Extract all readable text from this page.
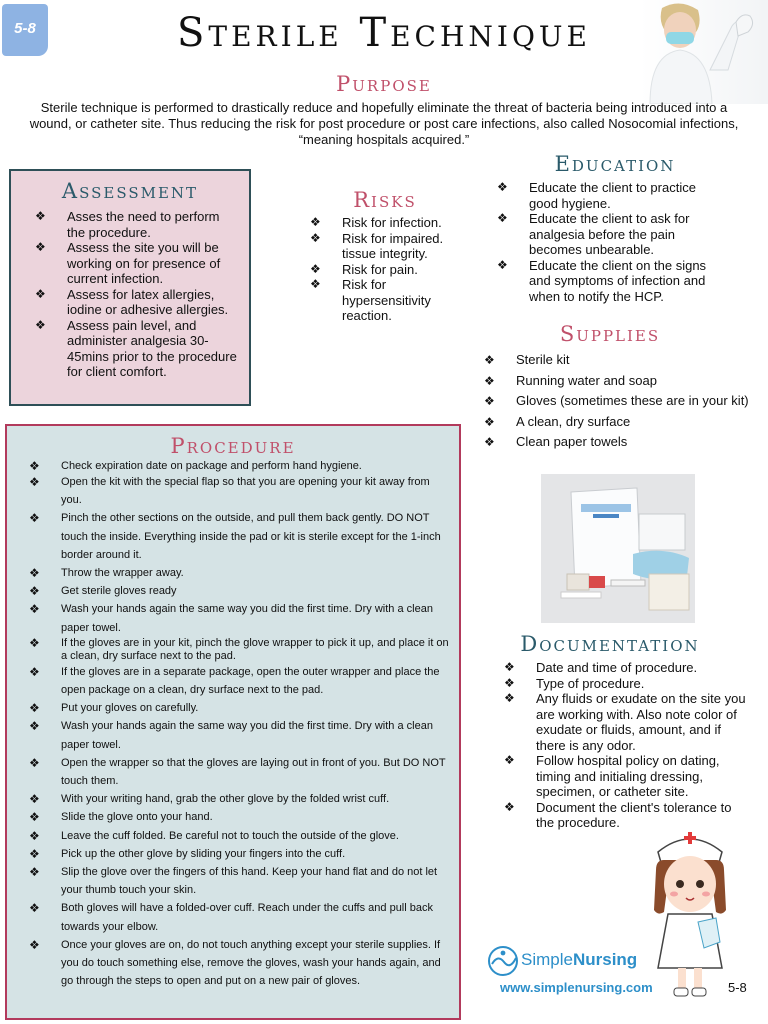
5-8	Sterile Technique
Purpose
Sterile technique is performed to drastically reduce and hopefully eliminate the threat of bacteria being introduced into a wound, or catheter site. Thus reducing the risk for post procedure or post care infections, also called Nosocomial infections, “meaning hospitals acquired.”
Assessment
❖ Asses the need to perform the procedure.
❖ Assess the site you will be working on for presence of current infection.
❖ Assess for latex allergies, iodine or adhesive allergies.
❖ Assess pain level, and administer analgesia 30-45mins prior to the procedure for client comfort.
Risks
❖ Risk for infection.
❖ Risk for impaired. tissue integrity.
❖ Risk for pain.
❖ Risk for hypersensitivity reaction.
Education
❖ Educate the client to practice good hygiene.
❖ Educate the client to ask for analgesia before the pain becomes unbearable.
❖ Educate the client on the signs and symptoms of infection and when to notify the HCP.
Supplies
❖ Sterile kit
❖ Running water and soap
❖ Gloves (sometimes these are in your kit)
❖ A clean, dry surface
❖ Clean paper towels
Documentation
❖ Date and time of procedure.
❖ Type of procedure.
❖ Any fluids or exudate on the site you are working with. Also note color of exudate or fluids, amount, and if there is any odor.
❖ Follow hospital policy on dating, timing and initialing dressing, specimen, or catheter site.
❖ Document the client's tolerance to the procedure.
Procedure
❖ Check expiration date on package and perform hand hygiene.
❖ Open the kit with the special flap so that you are opening your kit away from you.
❖ Pinch the other sections on the outside, and pull them back gently. DO NOT touch the inside. Everything inside the pad or kit is sterile except for the 1-inch border around it.
❖ Throw the wrapper away.
❖ Get sterile gloves ready
❖ Wash your hands again the same way you did the first time. Dry with a clean paper towel.
❖ If the gloves are in your kit, pinch the glove wrapper to pick it up, and place it on a clean, dry surface next to the pad.
❖ If the gloves are in a separate package, open the outer wrapper and place the open package on a clean, dry surface next to the pad.
❖ Put your gloves on carefully.
❖ Wash your hands again the same way you did the first time. Dry with a clean paper towel.
❖ Open the wrapper so that the gloves are laying out in front of you. But DO NOT touch them.
❖ With your writing hand, grab the other glove by the folded wrist cuff.
❖ Slide the glove onto your hand.
❖ Leave the cuff folded. Be careful not to touch the outside of the glove.
❖ Pick up the other glove by sliding your fingers into the cuff.
❖ Slip the glove over the fingers of this hand. Keep your hand flat and do not let your thumb touch your skin.
❖ Both gloves will have a folded-over cuff. Reach under the cuffs and pull back towards your elbow.
❖ Once your gloves are on, do not touch anything except your sterile supplies. If you do touch something else, remove the gloves, wash your hands again, and go through the steps to open and put on a new pair of gloves.
SimpleNursing
www.simplenursing.com	5-8
